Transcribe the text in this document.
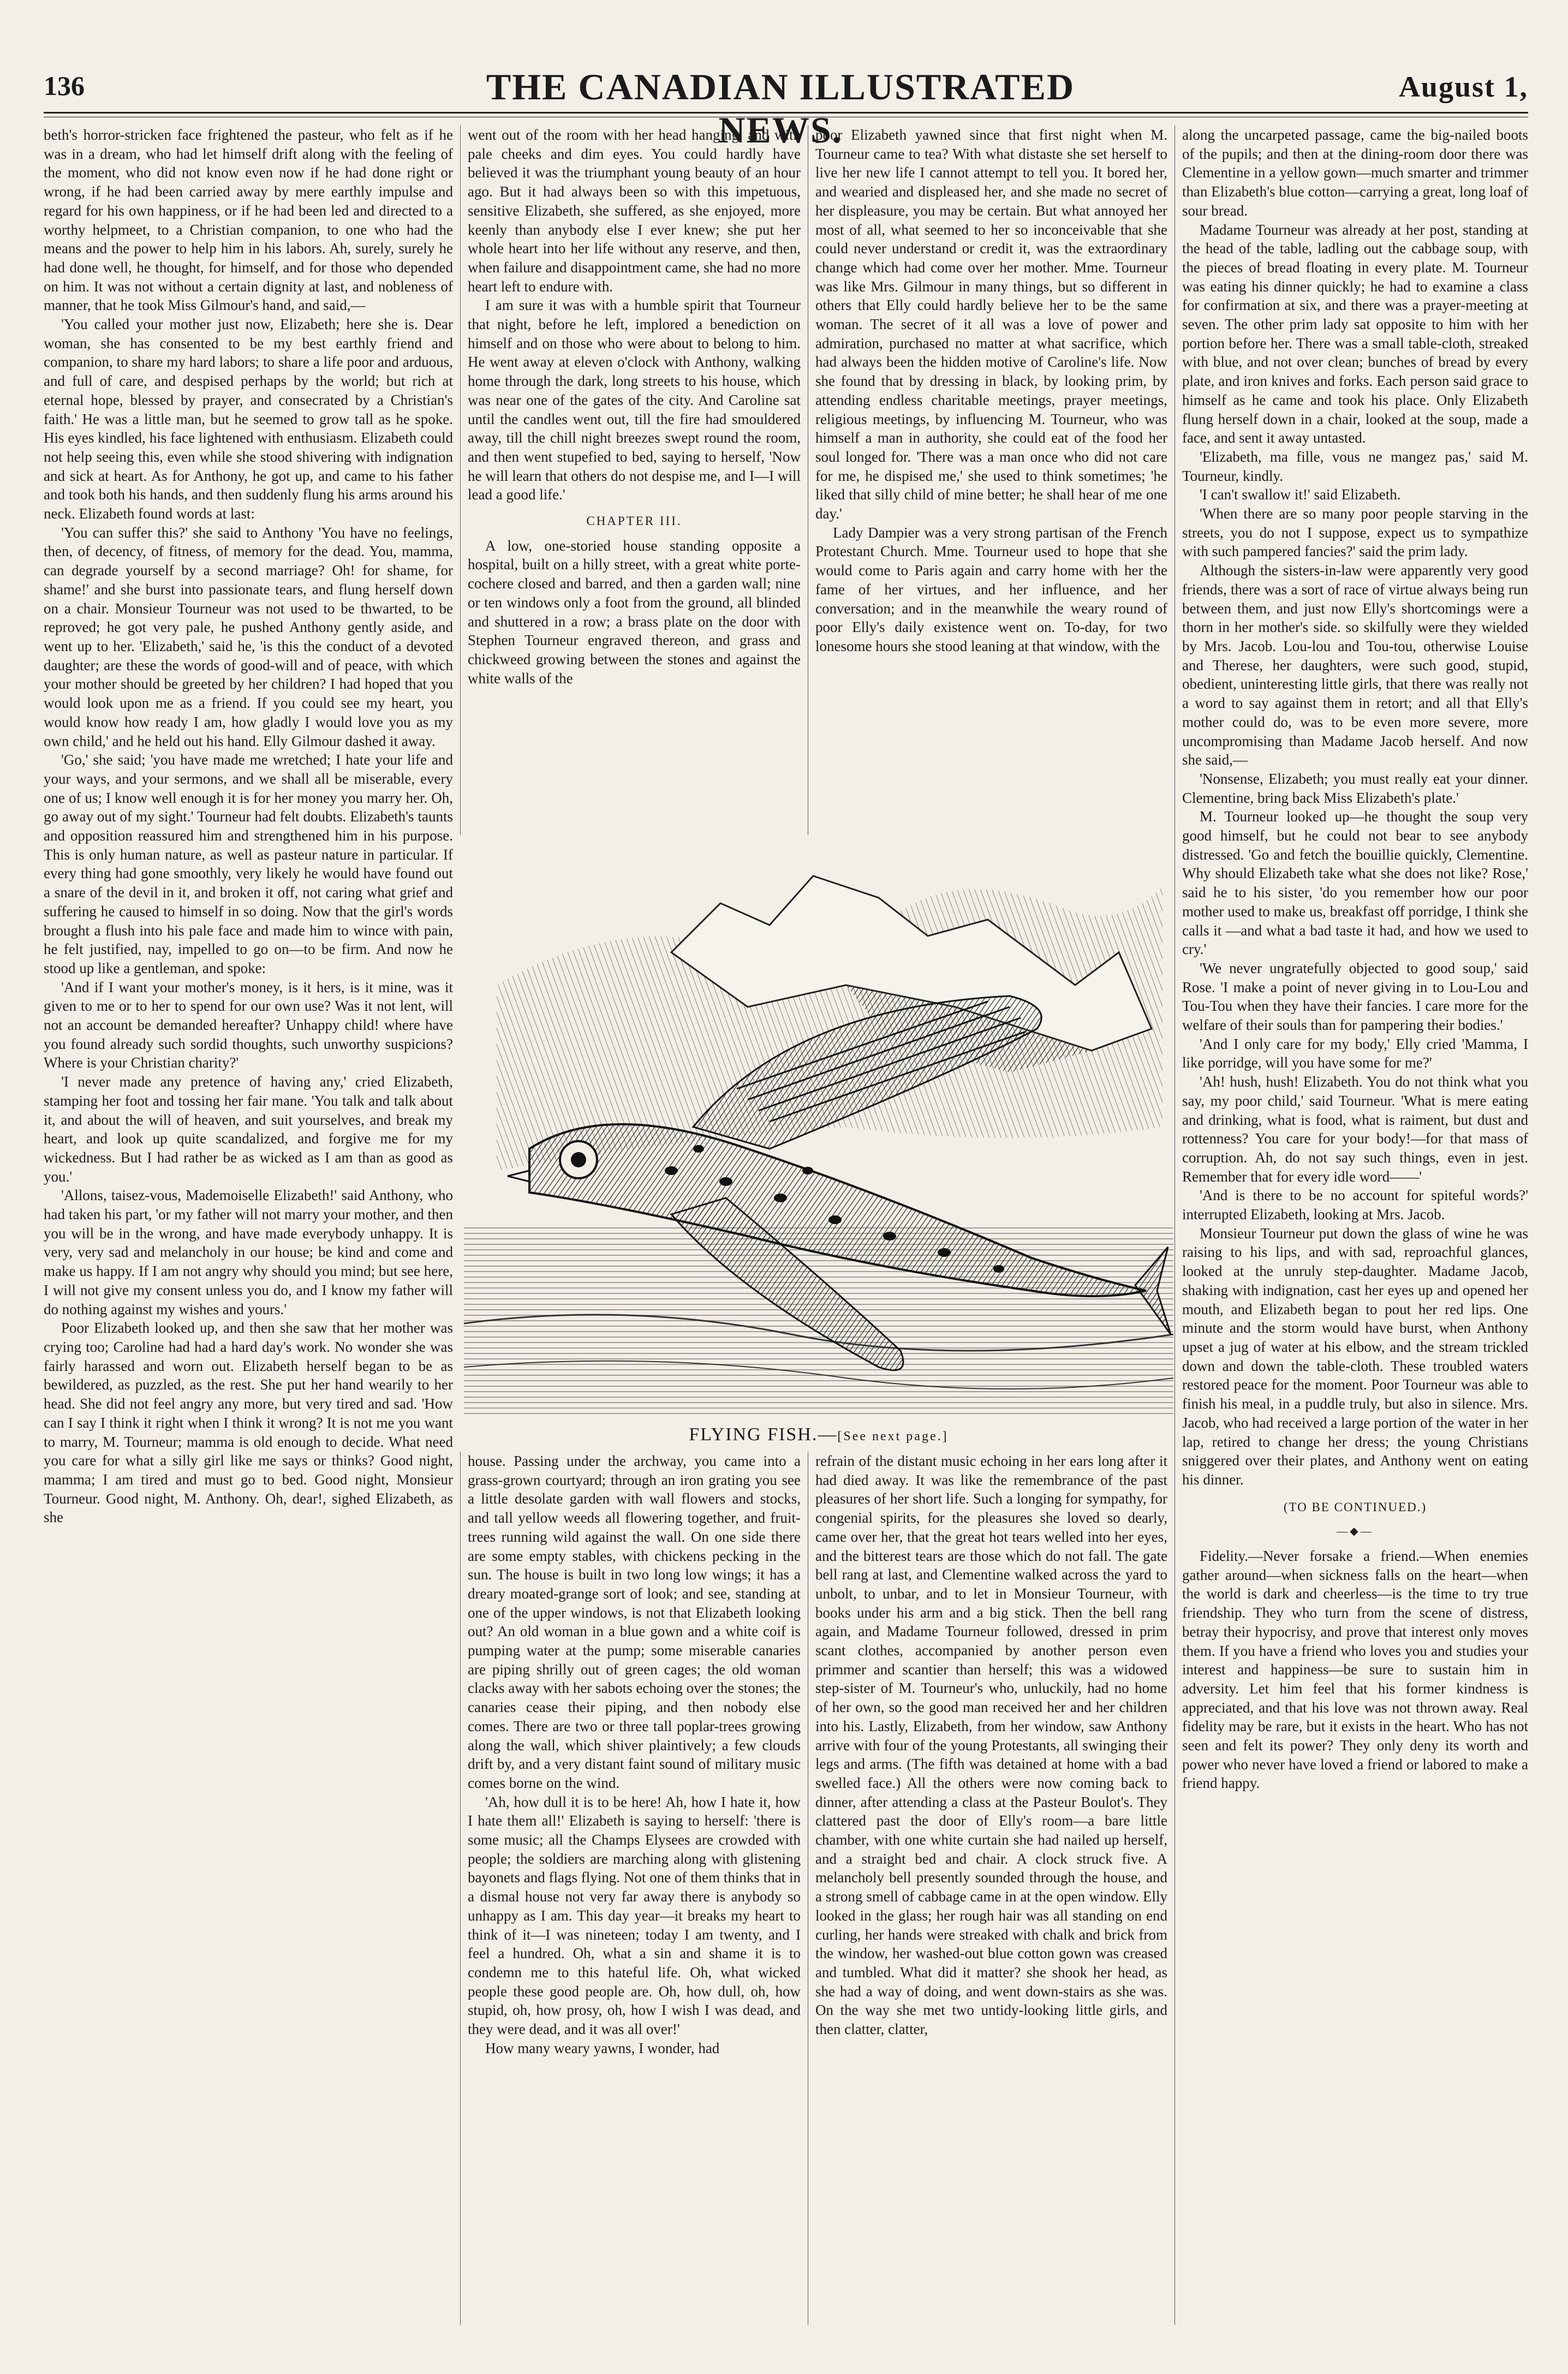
136	THE CANADIAN ILLUSTRATED NEWS.
August 1,

beth's horror-stricken face frightened the pasteur, who felt as if he was in a dream, who had let himself drift along with the feeling of the moment, who did not know even now if he had done right or wrong, if he had been carried away by mere earthly impulse and regard for his own happiness, or if he had been led and directed to a worthy helpmeet, to a Christian companion, to one who had the means and the power to help him in his labors. Ah, surely, surely he had done well, he thought, for himself, and for those who depended on him. It was not without a certain dignity at last, and nobleness of manner, that he took Miss Gilmour's hand, and said,—

'You called your mother just now, Elizabeth; here she is. Dear woman, she has consented to be my best earthly friend and companion, to share my hard labors; to share a life poor and arduous, and full of care, and despised perhaps by the world; but rich at eternal hope, blessed by prayer, and consecrated by a Christian's faith.' He was a little man, but he seemed to grow tall as he spoke. His eyes kindled, his face lightened with enthusiasm. Elizabeth could not help seeing this, even while she stood shivering with indignation and sick at heart. As for Anthony, he got up, and came to his father and took both his hands, and then suddenly flung his arms around his neck. Elizabeth found words at last:

'You can suffer this?' she said to Anthony 'You have no feelings, then, of decency, of fitness, of memory for the dead. You, mamma, can degrade yourself by a second marriage? Oh! for shame, for shame!' and she burst into passionate tears, and flung herself down on a chair. Monsieur Tourneur was not used to be thwarted, to be reproved; he got very pale, he pushed Anthony gently aside, and went up to her. 'Elizabeth,' said he, 'is this the conduct of a devoted daughter; are these the words of good-will and of peace, with which your mother should be greeted by her children? I had hoped that you would look upon me as a friend. If you could see my heart, you would know how ready I am, how gladly I would love you as my own child,' and he held out his hand. Elly Gilmour dashed it away.

'Go,' she said; 'you have made me wretched; I hate your life and your ways, and your sermons, and we shall all be miserable, every one of us; I know well enough it is for her money you marry her. Oh, go away out of my sight.' Tourneur had felt doubts. Elizabeth's taunts and opposition reassured him and strengthened him in his purpose. This is only human nature, as well as pasteur nature in particular. If every thing had gone smoothly, very likely he would have found out a snare of the devil in it, and broken it off, not caring what grief and suffering he caused to himself in so doing. Now that the girl's words brought a flush into his pale face and made him to wince with pain, he felt justified, nay, impelled to go on—to be firm. And now he stood up like a gentleman, and spoke:

'And if I want your mother's money, is it hers, is it mine, was it given to me or to her to spend for our own use? Was it not lent, will not an account be demanded hereafter? Unhappy child! where have you found already such sordid thoughts, such unworthy suspicions? Where is your Christian charity?'

'I never made any pretence of having any,' cried Elizabeth, stamping her foot and tossing her fair mane. 'You talk and talk about it, and about the will of heaven, and suit yourselves, and break my heart, and look up quite scandalized, and forgive me for my wickedness. But I had rather be as wicked as I am than as good as you.'

'Allons, taisez-vous, Mademoiselle Elizabeth!' said Anthony, who had taken his part, 'or my father will not marry your mother, and then you will be in the wrong, and have made everybody unhappy. It is very, very sad and melancholy in our house; be kind and come and make us happy. If I am not angry why should you mind; but see here, I will not give my consent unless you do, and I know my father will do nothing against my wishes and yours.'

Poor Elizabeth looked up, and then she saw that her mother was crying too; Caroline had had a hard day's work. No wonder she was fairly harassed and worn out. Elizabeth herself began to be as bewildered, as puzzled, as the rest. She put her hand wearily to her head. She did not feel angry any more, but very tired and sad. 'How can I say I think it right when I think it wrong? It is not me you want to marry, M. Tourneur; mamma is old enough to decide. What need you care for what a silly girl like me says or thinks? Good night, mamma; I am tired and must go to bed. Good night, Monsieur Tourneur. Good night, M. Anthony. Oh, dear!, sighed Elizabeth, as she

went out of the room with her head hanging, and with pale cheeks and dim eyes. You could hardly have believed it was the triumphant young beauty of an hour ago. But it had always been so with this impetuous, sensitive Elizabeth, she suffered, as she enjoyed, more keenly than anybody else I ever knew; she put her whole heart into her life without any reserve, and then, when failure and disappointment came, she had no more heart left to endure with.

I am sure it was with a humble spirit that Tourneur that night, before he left, implored a benediction on himself and on those who were about to belong to him. He went away at eleven o'clock with Anthony, walking home through the dark, long streets to his house, which was near one of the gates of the city. And Caroline sat until the candles went out, till the fire had smouldered away, till the chill night breezes swept round the room, and then went stupefied to bed, saying to herself, 'Now he will learn that others do not despise me, and I—I will lead a good life.'

CHAPTER III.

A low, one-storied house standing opposite a hospital, built on a hilly street, with a great white porte-cochere closed and barred, and then a garden wall; nine or ten windows only a foot from the ground, all blinded and shuttered in a row; a brass plate on the door with Stephen Tourneur engraved thereon, and grass and chickweed growing between the stones and against the white walls of the

poor Elizabeth yawned since that first night when M. Tourneur came to tea? With what distaste she set herself to live her new life I cannot attempt to tell you. It bored her, and wearied and displeased her, and she made no secret of her displeasure, you may be certain. But what annoyed her most of all, what seemed to her so inconceivable that she could never understand or credit it, was the extraordinary change which had come over her mother. Mme. Tourneur was like Mrs. Gilmour in many things, but so different in others that Elly could hardly believe her to be the same woman. The secret of it all was a love of power and admiration, purchased no matter at what sacrifice, which had always been the hidden motive of Caroline's life. Now she found that by dressing in black, by looking prim, by attending endless charitable meetings, prayer meetings, religious meetings, by influencing M. Tourneur, who was himself a man in authority, she could eat of the food her soul longed for. 'There was a man once who did not care for me, he dispised me,' she used to think sometimes; 'he liked that silly child of mine better; he shall hear of me one day.'

Lady Dampier was a very strong partisan of the French Protestant Church. Mme. Tourneur used to hope that she would come to Paris again and carry home with her the fame of her virtues, and her influence, and her conversation; and in the meanwhile the weary round of poor Elly's daily existence went on. To-day, for two lonesome hours she stood leaning at that window, with the

FLYING FISH.—[See next page.]

house. Passing under the archway, you came into a grass-grown courtyard; through an iron grating you see a little desolate garden with wall flowers and stocks, and tall yellow weeds all flowering together, and fruit-trees running wild against the wall. On one side there are some empty stables, with chickens pecking in the sun. The house is built in two long low wings; it has a dreary moated-grange sort of look; and see, standing at one of the upper windows, is not that Elizabeth looking out? An old woman in a blue gown and a white coif is pumping water at the pump; some miserable canaries are piping shrilly out of green cages; the old woman clacks away with her sabots echoing over the stones; the canaries cease their piping, and then nobody else comes. There are two or three tall poplar-trees growing along the wall, which shiver plaintively; a few clouds drift by, and a very distant faint sound of military music comes borne on the wind.

'Ah, how dull it is to be here! Ah, how I hate it, how I hate them all!' Elizabeth is saying to herself: 'there is some music; all the Champs Elysees are crowded with people; the soldiers are marching along with glistening bayonets and flags flying. Not one of them thinks that in a dismal house not very far away there is anybody so unhappy as I am. This day year—it breaks my heart to think of it—I was nineteen; today I am twenty, and I feel a hundred. Oh, what a sin and shame it is to condemn me to this hateful life. Oh, what wicked people these good people are. Oh, how dull, oh, how stupid, oh, how prosy, oh, how I wish I was dead, and they were dead, and it was all over!'

How many weary yawns, I wonder, had

refrain of the distant music echoing in her ears long after it had died away. It was like the remembrance of the past pleasures of her short life. Such a longing for sympathy, for congenial spirits, for the pleasures she loved so dearly, came over her, that the great hot tears welled into her eyes, and the bitterest tears are those which do not fall. The gate bell rang at last, and Clementine walked across the yard to unbolt, to unbar, and to let in Monsieur Tourneur, with books under his arm and a big stick. Then the bell rang again, and Madame Tourneur followed, dressed in prim scant clothes, accompanied by another person even primmer and scantier than herself; this was a widowed step-sister of M. Tourneur's who, unluckily, had no home of her own, so the good man received her and her children into his. Lastly, Elizabeth, from her window, saw Anthony arrive with four of the young Protestants, all swinging their legs and arms. (The fifth was detained at home with a bad swelled face.) All the others were now coming back to dinner, after attending a class at the Pasteur Boulot's. They clattered past the door of Elly's room—a bare little chamber, with one white curtain she had nailed up herself, and a straight bed and chair. A clock struck five. A melancholy bell presently sounded through the house, and a strong smell of cabbage came in at the open window. Elly looked in the glass; her rough hair was all standing on end curling, her hands were streaked with chalk and brick from the window, her washed-out blue cotton gown was creased and tumbled. What did it matter? she shook her head, as she had a way of doing, and went down-stairs as she was. On the way she met two untidy-looking little girls, and then clatter, clatter,

along the uncarpeted passage, came the big-nailed boots of the pupils; and then at the dining-room door there was Clementine in a yellow gown—much smarter and trimmer than Elizabeth's blue cotton—carrying a great, long loaf of sour bread.

Madame Tourneur was already at her post, standing at the head of the table, ladling out the cabbage soup, with the pieces of bread floating in every plate. M. Tourneur was eating his dinner quickly; he had to examine a class for confirmation at six, and there was a prayer-meeting at seven. The other prim lady sat opposite to him with her portion before her. There was a small table-cloth, streaked with blue, and not over clean; bunches of bread by every plate, and iron knives and forks. Each person said grace to himself as he came and took his place. Only Elizabeth flung herself down in a chair, looked at the soup, made a face, and sent it away untasted.

'Elizabeth, ma fille, vous ne mangez pas,' said M. Tourneur, kindly.

'I can't swallow it!' said Elizabeth.

'When there are so many poor people starving in the streets, you do not I suppose, expect us to sympathize with such pampered fancies?' said the prim lady.

Although the sisters-in-law were apparently very good friends, there was a sort of race of virtue always being run between them, and just now Elly's shortcomings were a thorn in her mother's side. so skilfully were they wielded by Mrs. Jacob. Lou-lou and Tou-tou, otherwise Louise and Therese, her daughters, were such good, stupid, obedient, uninteresting little girls, that there was really not a word to say against them in retort; and all that Elly's mother could do, was to be even more severe, more uncompromising than Madame Jacob herself. And now she said,—

'Nonsense, Elizabeth; you must really eat your dinner. Clementine, bring back Miss Elizabeth's plate.'

M. Tourneur looked up—he thought the soup very good himself, but he could not bear to see anybody distressed. 'Go and fetch the bouillie quickly, Clementine. Why should Elizabeth take what she does not like? Rose,' said he to his sister, 'do you remember how our poor mother used to make us, breakfast off porridge, I think she calls it —and what a bad taste it had, and how we used to cry.'

'We never ungratefully objected to good soup,' said Rose. 'I make a point of never giving in to Lou-Lou and Tou-Tou when they have their fancies. I care more for the welfare of their souls than for pampering their bodies.'

'And I only care for my body,' Elly cried 'Mamma, I like porridge, will you have some for me?'

'Ah! hush, hush! Elizabeth. You do not think what you say, my poor child,' said Tourneur. 'What is mere eating and drinking, what is food, what is raiment, but dust and rottenness? You care for your body!—for that mass of corruption. Ah, do not say such things, even in jest. Remember that for every idle word——'

'And is there to be no account for spiteful words?' interrupted Elizabeth, looking at Mrs. Jacob.

Monsieur Tourneur put down the glass of wine he was raising to his lips, and with sad, reproachful glances, looked at the unruly step-daughter. Madame Jacob, shaking with indignation, cast her eyes up and opened her mouth, and Elizabeth began to pout her red lips. One minute and the storm would have burst, when Anthony upset a jug of water at his elbow, and the stream trickled down and down the table-cloth. These troubled waters restored peace for the moment. Poor Tourneur was able to finish his meal, in a puddle truly, but also in silence. Mrs. Jacob, who had received a large portion of the water in her lap, retired to change her dress; the young Christians sniggered over their plates, and Anthony went on eating his dinner.

(TO BE CONTINUED.)
—◆—

Fidelity.—Never forsake a friend.—When enemies gather around—when sickness falls on the heart—when the world is dark and cheerless—is the time to try true friendship. They who turn from the scene of distress, betray their hypocrisy, and prove that interest only moves them. If you have a friend who loves you and studies your interest and happiness—be sure to sustain him in adversity. Let him feel that his former kindness is appreciated, and that his love was not thrown away. Real fidelity may be rare, but it exists in the heart. Who has not seen and felt its power? They only deny its worth and power who never have loved a friend or labored to make a friend happy.
